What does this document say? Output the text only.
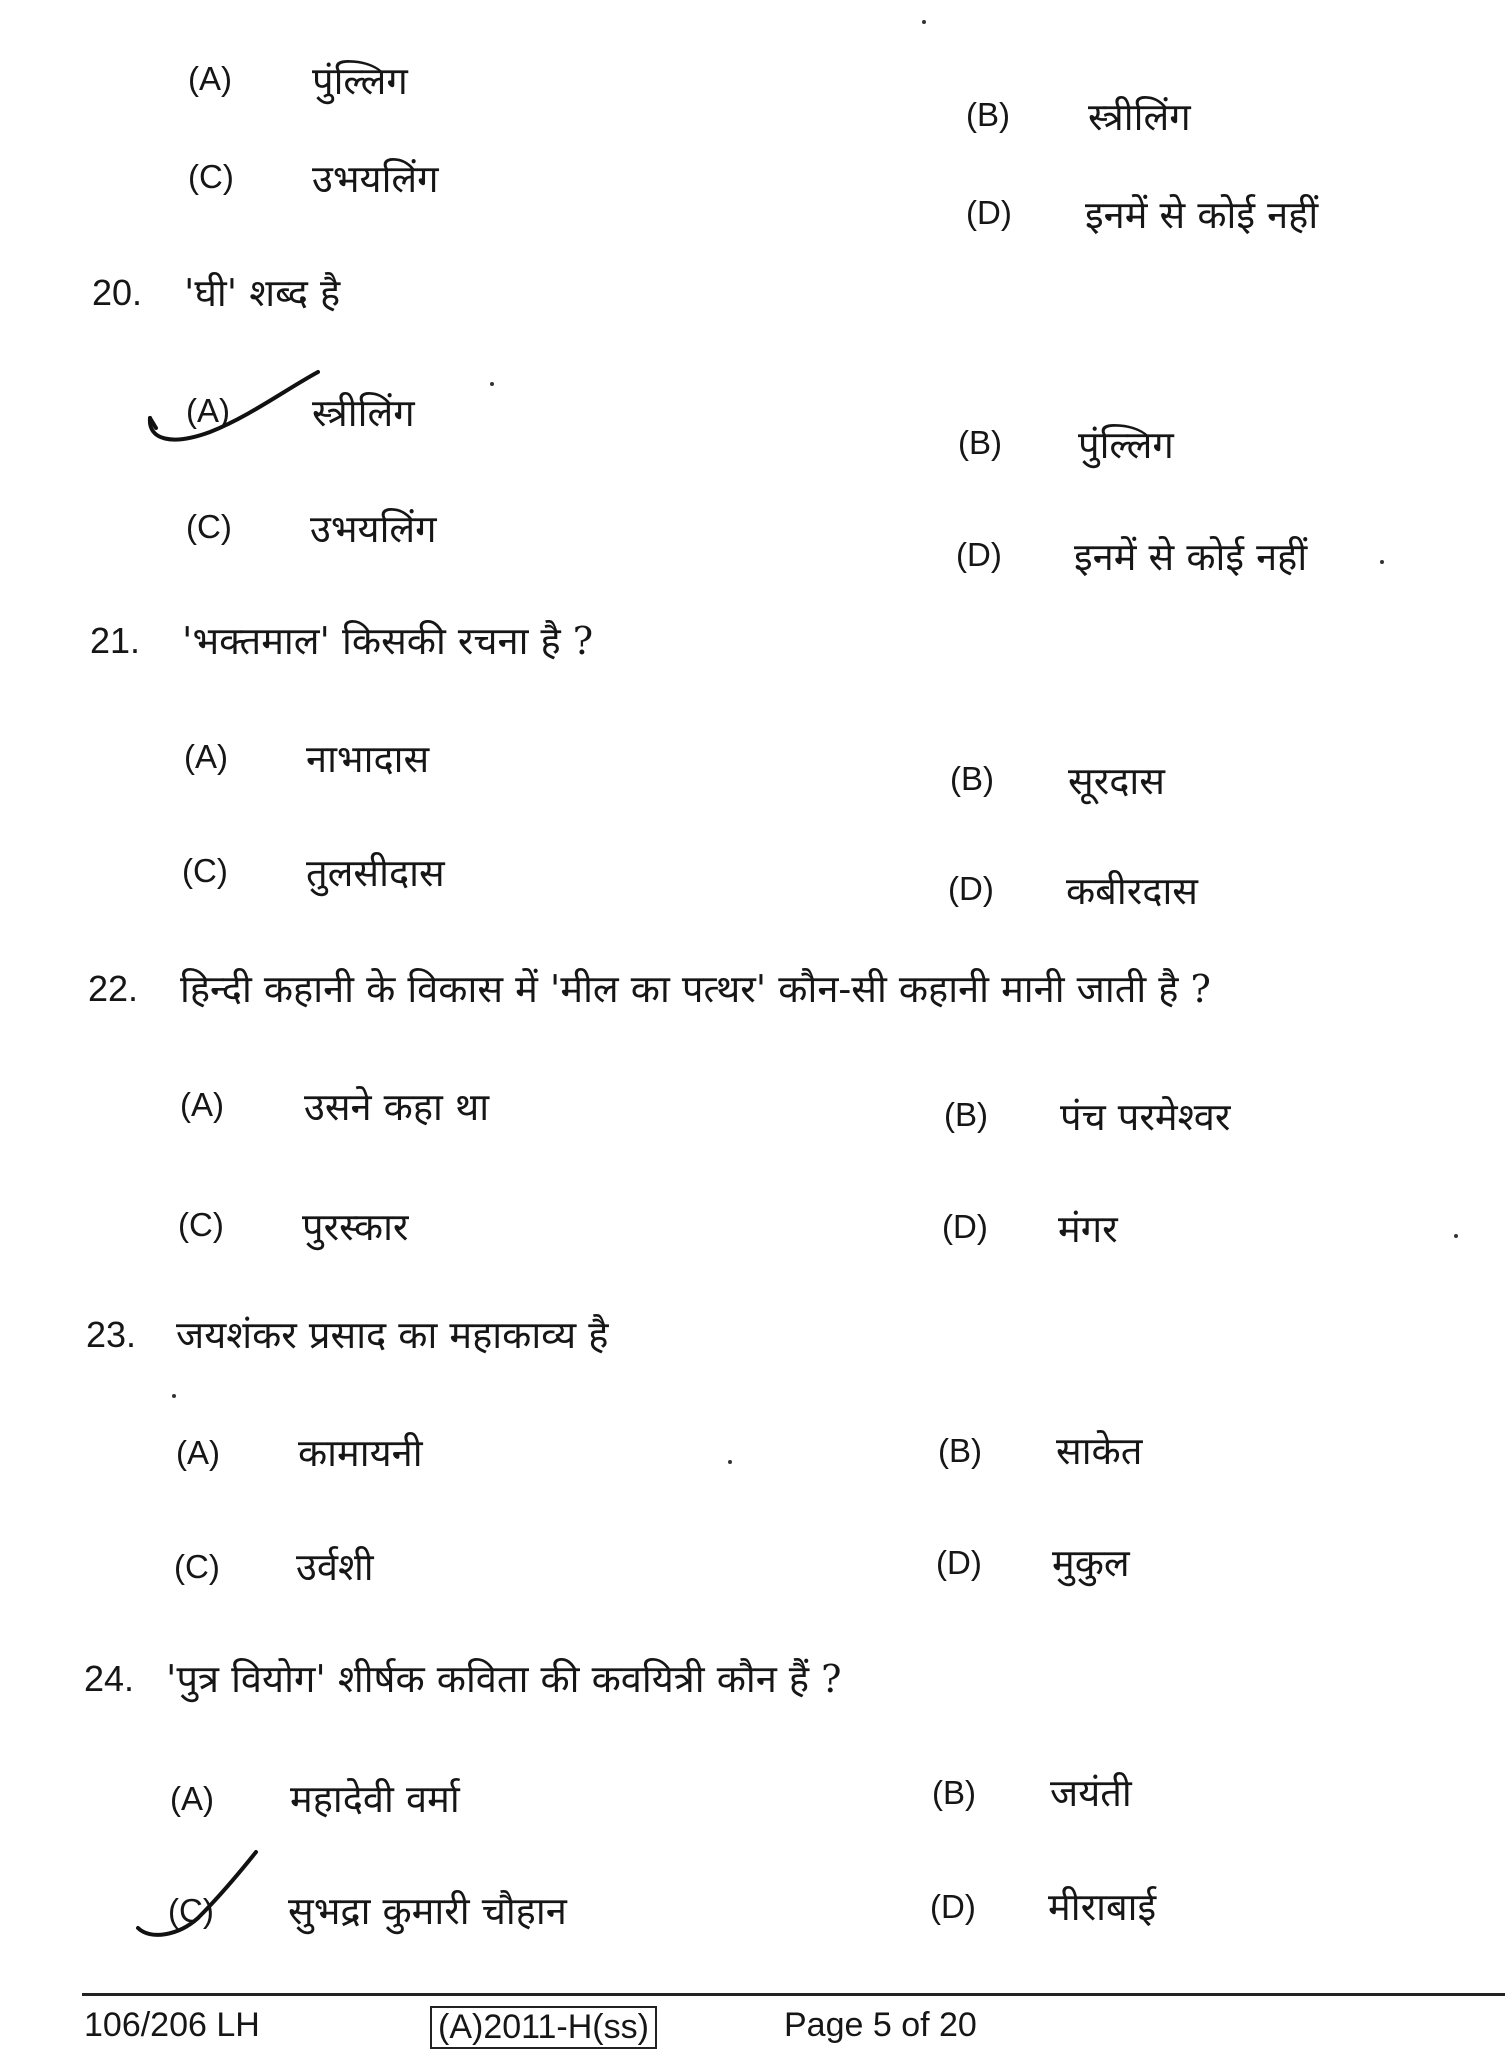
(A) पुंल्लिग
(B) स्त्रीलिंग
(C) उभयलिंग
(D) इनमें से कोई नहीं
20. 'घी' शब्द है
(A) स्त्रीलिंग
(B) पुंल्लिग
(C) उभयलिंग
(D) इनमें से कोई नहीं
21. 'भक्तमाल' किसकी रचना है ?
(A) नाभादास	(B) सूरदास
(C) तुलसीदास	(D) कबीरदास
22. हिन्दी कहानी के विकास में 'मील का पत्थर' कौन-सी कहानी मानी जाती है ?
(A) उसने कहा था	(B) पंच परमेश्वर
(C) पुरस्कार	(D) मंगर
23. जयशंकर प्रसाद का महाकाव्य है
(A) कामायनी	(B) साकेत
(C) उर्वशी	(D) मुकुल
24. 'पुत्र वियोग' शीर्षक कविता की कवयित्री कौन हैं ?
(A) महादेवी वर्मा	(B) जयंती
(C) सुभद्रा कुमारी चौहान	(D) मीराबाई
106/206 LH	(A)2011-H(ss)	Page 5 of 20
